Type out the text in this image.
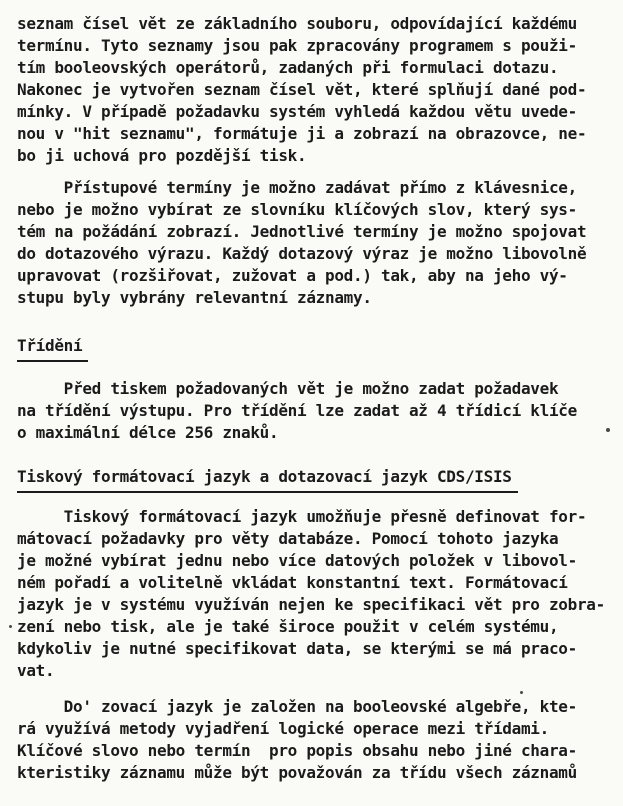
seznam čísel vět ze základního souboru, odpovídající každému
termínu. Tyto seznamy jsou pak zpracovány programem s použi-
tím booleovských operátorů, zadaných při formulaci dotazu.
Nakonec je vytvořen seznam čísel vět, které splňují dané pod-
mínky. V případě požadavku systém vyhledá každou větu uvede-
nou v "hit seznamu", formátuje ji a zobrazí na obrazovce, ne-
bo ji uchová pro pozdější tisk.
Přístupové termíny je možno zadávat přímo z klávesnice,
nebo je možno vybírat ze slovníku klíčových slov, který sys-
tém na požádání zobrazí. Jednotlivé termíny je možno spojovat
do dotazového výrazu. Každý dotazový výraz je možno libovolně
upravovat (rozšiřovat, zužovat a pod.) tak, aby na jeho vý-
stupu byly vybrány relevantní záznamy.
Třídění
Před tiskem požadovaných vět je možno zadat požadavek
na třídění výstupu. Pro třídění lze zadat až 4 třídicí klíče
o maximální délce 256 znaků.
Tiskový formátovací jazyk a dotazovací jazyk CDS/ISIS
Tiskový formátovací jazyk umožňuje přesně definovat for-
mátovací požadavky pro věty databáze. Pomocí tohoto jazyka
je možné vybírat jednu nebo více datových položek v libovol-
ném pořadí a volitelně vkládat konstantní text. Formátovací
jazyk je v systému využíván nejen ke specifikaci vět pro zobra-
zení nebo tisk, ale je také široce použit v celém systému,
kdykoliv je nutné specifikovat data, se kterými se má praco-
vat.
Do' zovací jazyk je založen na booleovské algebře, kte-
rá využívá metody vyjadření logické operace mezi třídami.
Klíčové slovo nebo termín  pro popis obsahu nebo jiné chara-
kteristiky záznamu může být považován za třídu všech záznamů
